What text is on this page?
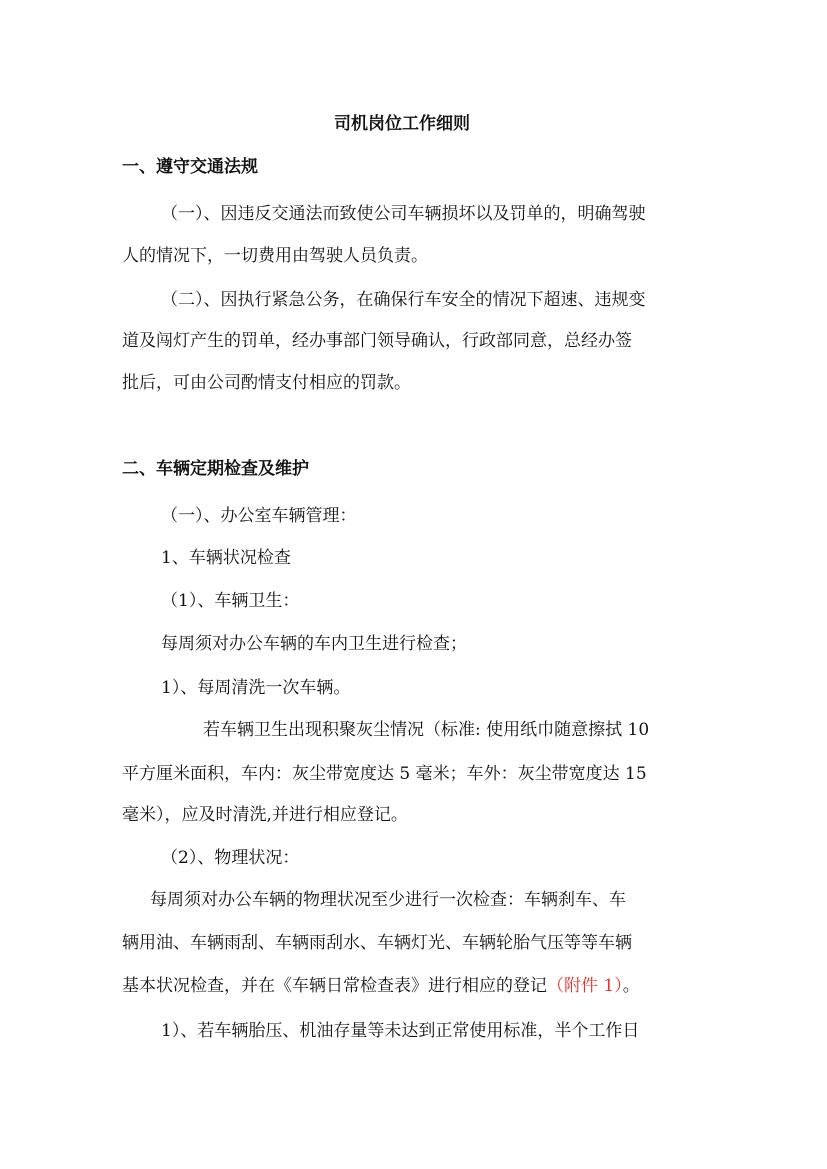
司机岗位工作细则
一、遵守交通法规
（一）、因违反交通法而致使公司车辆损坏以及罚单的，明确驾驶
人的情况下，一切费用由驾驶人员负责。
（二）、因执行紧急公务，在确保行车安全的情况下超速、违规变
道及闯灯产生的罚单，经办事部门领导确认，行政部同意，总经办签
批后，可由公司酌情支付相应的罚款。
二、车辆定期检查及维护
（一）、办公室车辆管理：
1、车辆状况检查
（1）、车辆卫生：
每周须对办公车辆的车内卫生进行检查；
1）、每周清洗一次车辆。
若车辆卫生出现积聚灰尘情况（标准: 使用纸巾随意擦拭 10
平方厘米面积，车内：灰尘带宽度达 5 毫米；车外：灰尘带宽度达 15
毫米），应及时清洗,并进行相应登记。
（2）、物理状况：
每周须对办公车辆的物理状况至少进行一次检查：车辆刹车、车
辆用油、车辆雨刮、车辆雨刮水、车辆灯光、车辆轮胎气压等等车辆
基本状况检查，并在《车辆日常检查表》进行相应的登记（附件 1）。
1）、若车辆胎压、机油存量等未达到正常使用标准，半个工作日
